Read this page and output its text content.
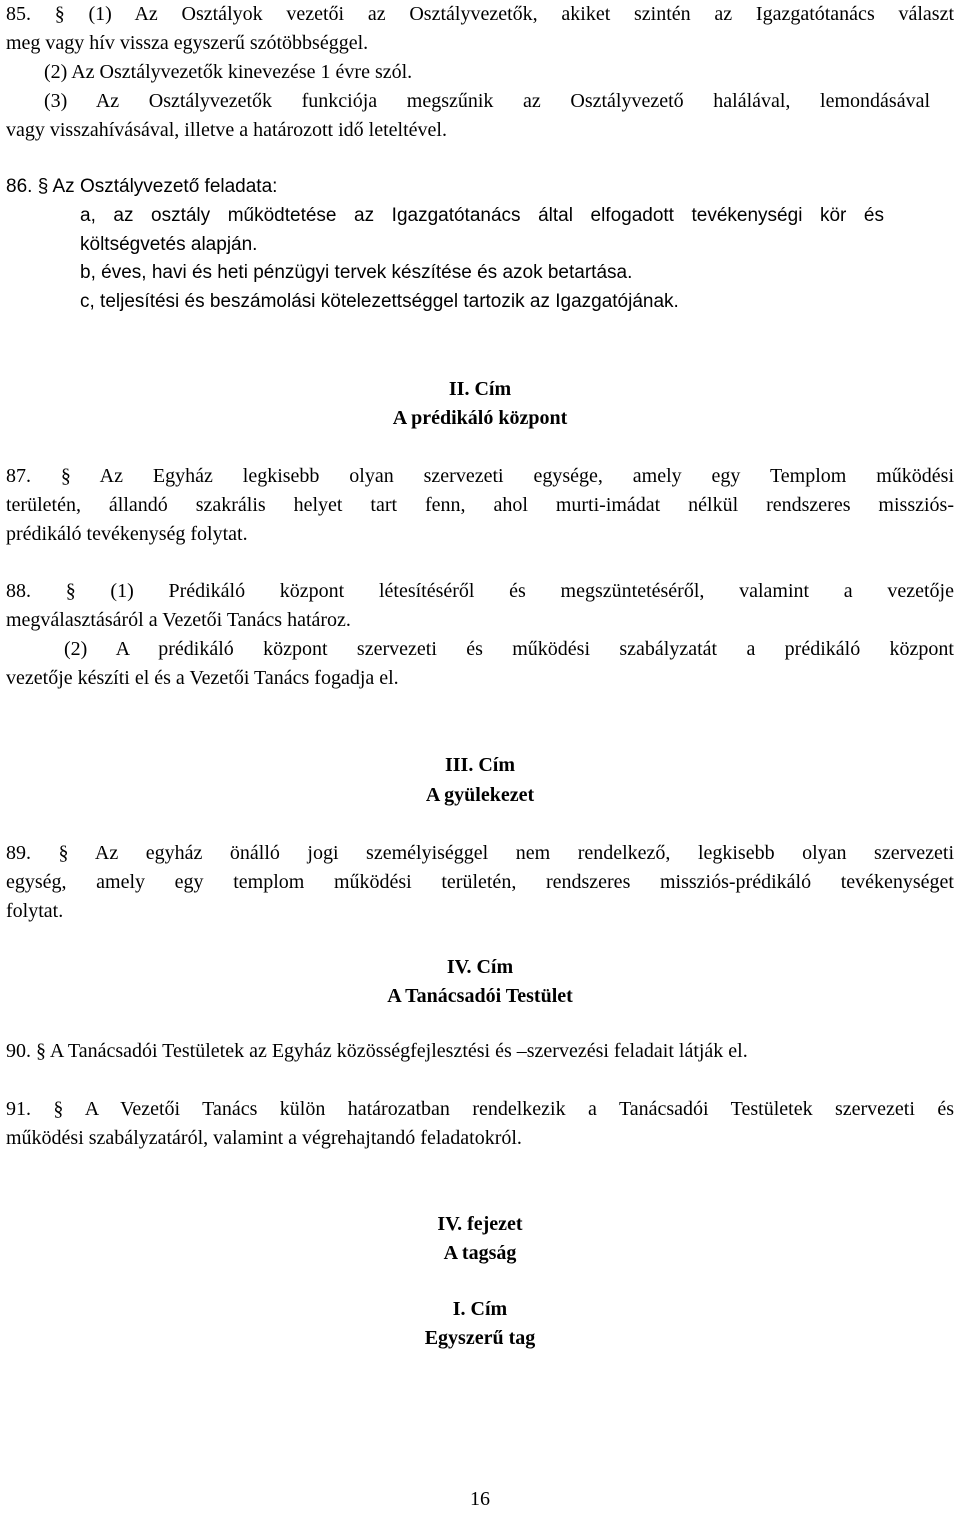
85. § (1) Az Osztályok vezetői az Osztályvezetők, akiket szintén az Igazgatótanács választ
meg vagy hív vissza egyszerű szótöbbséggel.
(2) Az Osztályvezetők kinevezése 1 évre szól.
(3) Az Osztályvezetők funkciója megszűnik az Osztályvezető halálával, lemondásával
vagy visszahívásával, illetve a határozott idő leteltével.
86. § Az Osztályvezető feladata:
a, az osztály működtetése az Igazgatótanács által elfogadott tevékenységi kör és
költségvetés alapján.
b, éves, havi és heti pénzügyi tervek készítése és azok betartása.
c, teljesítési és beszámolási kötelezettséggel tartozik az Igazgatójának.
II. Cím
A prédikáló központ
87. § Az Egyház legkisebb olyan szervezeti egysége, amely egy Templom működési
területén, állandó szakrális helyet tart fenn, ahol murti-imádat nélkül rendszeres missziós-
prédikáló tevékenység folytat.
88. § (1) Prédikáló központ létesítéséről és megszüntetéséről, valamint a vezetője
megválasztásáról a Vezetői Tanács határoz.
(2) A prédikáló központ szervezeti és működési szabályzatát a prédikáló központ
vezetője készíti el és a Vezetői Tanács fogadja el.
III. Cím
A gyülekezet
89. § Az egyház önálló jogi személyiséggel nem rendelkező, legkisebb olyan szervezeti
egység, amely egy templom működési területén, rendszeres missziós-prédikáló tevékenységet
folytat.
IV. Cím
A Tanácsadói Testület
90. § A Tanácsadói Testületek az Egyház közösségfejlesztési és –szervezési feladait látják el.
91. § A Vezetői Tanács külön határozatban rendelkezik a Tanácsadói Testületek szervezeti és
működési szabályzatáról, valamint a végrehajtandó feladatokról.
IV. fejezet
A tagság
I. Cím
Egyszerű tag
16
